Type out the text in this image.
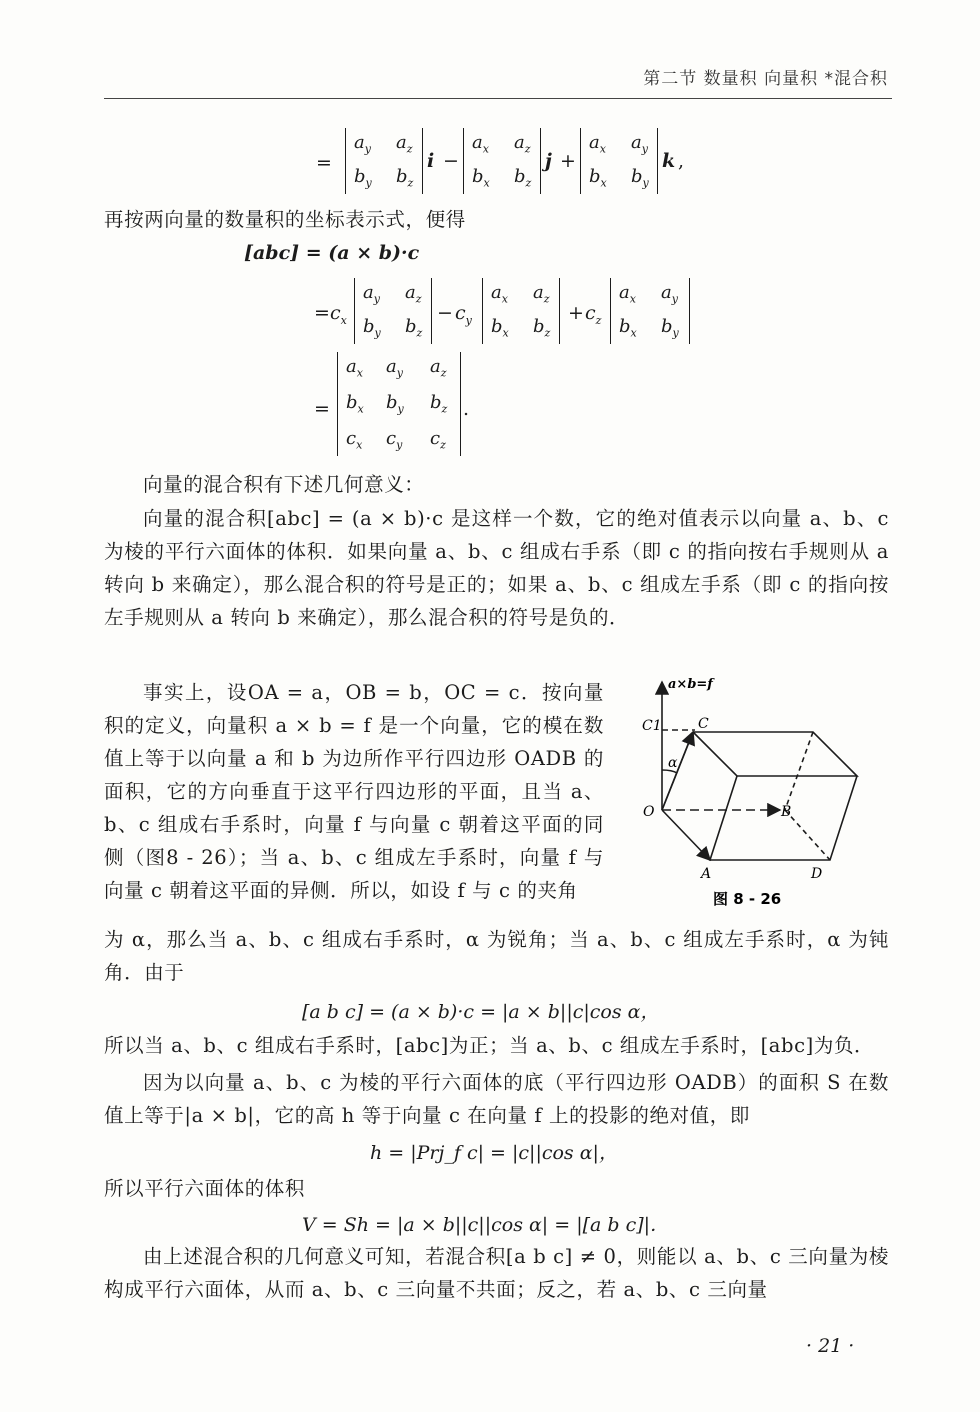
第二节 数量积 向量积 *混合积
=
$a_y$ $a_z$
$b_y$ $b_z$
i −
$a_x$ $a_z$
$b_x$ $b_z$
j +
$a_x$ $a_y$
$b_x$ $b_y$
k ,
再按两向量的数量积的坐标表示式，便得
[abc] = (a × b)·c
= $c_x$
$a_y$ $a_z$
$b_y$ $b_z$
− $c_y$
$a_x$ $a_z$
$b_x$ $b_z$
+ $c_z$
$a_x$ $a_y$
$b_x$ $b_y$
=
$a_x$ $a_y$ $a_z$
$b_x$ $b_y$ $b_z$
$c_x$ $c_y$ $c_z$
.
向量的混合积有下述几何意义：
向量的混合积[abc] = (a × b)·c 是这样一个数，它的绝对值表示以向量 a、b、c 为棱的平行六面体的体积．如果向量 a、b、c 组成右手系（即 c 的指向按右手规则从 a 转向 b 来确定），那么混合积的符号是正的；如果 a、b、c 组成左手系（即 c 的指向按左手规则从 a 转向 b 来确定），那么混合积的符号是负的．
事实上，设OA = a，OB = b，OC = c．按向量积的定义，向量积 a × b = f 是一个向量，它的模在数值上等于以向量 a 和 b 为边所作平行四边形 OADB 的面积，它的方向垂直于这平行四边形的平面，且当 a、b、c 组成右手系时，向量 f 与向量 c 朝着这平面的同侧（图8 - 26）；当 a、b、c 组成左手系时，向量 f 与向量 c 朝着这平面的异侧．所以，如设 f 与 c 的夹角
为 α，那么当 a、b、c 组成右手系时，α 为锐角；当 a、b、c 组成左手系时，α 为钝角．由于
[a b c] = (a × b)·c = |a × b||c|cos α，
所以当 a、b、c 组成右手系时，[abc]为正；当 a、b、c 组成左手系时，[abc]为负．
因为以向量 a、b、c 为棱的平行六面体的底（平行四边形 OADB）的面积 S 在数值上等于|a × b|，它的高 h 等于向量 c 在向量 f 上的投影的绝对值，即
h = |Prj_f c| = |c||cos α|，
所以平行六面体的体积
V = Sh = |a × b||c||cos α| = |[a b c]|．
由上述混合积的几何意义可知，若混合积[a b c] ≠ 0，则能以 a、b、c 三向量为棱构成平行六面体，从而 a、b、c 三向量不共面；反之，若 a、b、c 三向量
a×b=f
C1	C
α
O	B
A	D
图 8 - 26
· 21 ·
